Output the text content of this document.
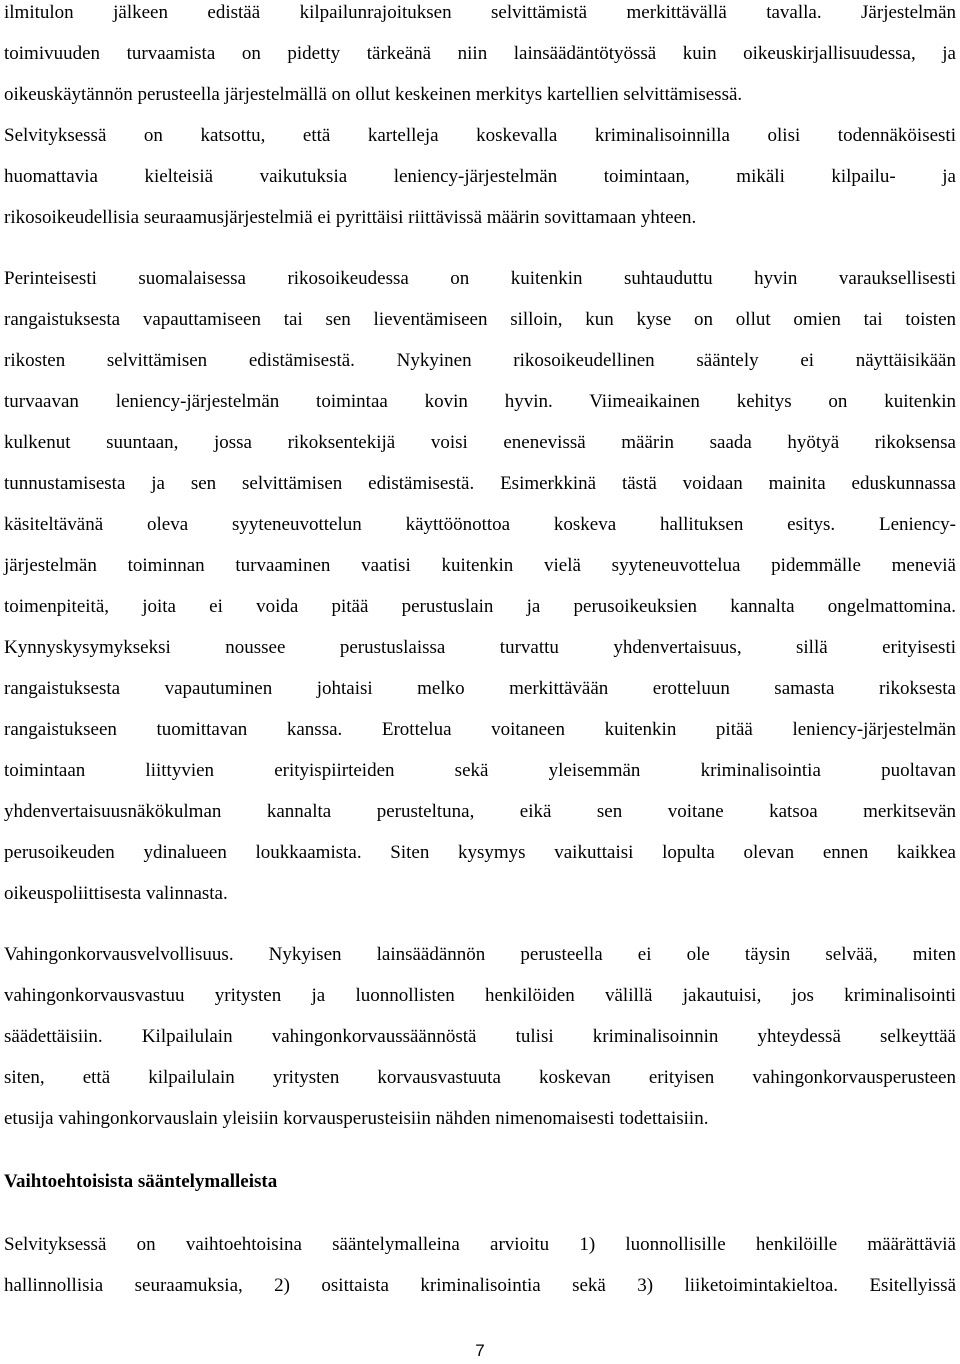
ilmitulon jälkeen edistää kilpailunrajoituksen selvittämistä merkittävällä tavalla. Järjestelmän
toimivuuden turvaamista on pidetty tärkeänä niin lainsäädäntötyössä kuin oikeuskirjallisuudessa, ja
oikeuskäytännön perusteella järjestelmällä on ollut keskeinen merkitys kartellien selvittämisessä.
Selvityksessä on katsottu, että kartelleja koskevalla kriminalisoinnilla olisi todennäköisesti
huomattavia kielteisiä vaikutuksia leniency-järjestelmän toimintaan, mikäli kilpailu- ja
rikosoikeudellisia seuraamusjärjestelmiä ei pyrittäisi riittävissä määrin sovittamaan yhteen.
Perinteisesti suomalaisessa rikosoikeudessa on kuitenkin suhtauduttu hyvin varauksellisesti
rangaistuksesta vapauttamiseen tai sen lieventämiseen silloin, kun kyse on ollut omien tai toisten
rikosten selvittämisen edistämisestä. Nykyinen rikosoikeudellinen sääntely ei näyttäisikään
turvaavan leniency-järjestelmän toimintaa kovin hyvin. Viimeaikainen kehitys on kuitenkin
kulkenut suuntaan, jossa rikoksentekijä voisi enenevissä määrin saada hyötyä rikoksensa
tunnustamisesta ja sen selvittämisen edistämisestä. Esimerkkinä tästä voidaan mainita eduskunnassa
käsiteltävänä oleva syyteneuvottelun käyttöönottoa koskeva hallituksen esitys. Leniency-
järjestelmän toiminnan turvaaminen vaatisi kuitenkin vielä syyteneuvottelua pidemmälle meneviä
toimenpiteitä, joita ei voida pitää perustuslain ja perusoikeuksien kannalta ongelmattomina.
Kynnyskysymykseksi noussee perustuslaissa turvattu yhdenvertaisuus, sillä erityisesti
rangaistuksesta vapautuminen johtaisi melko merkittävään erotteluun samasta rikoksesta
rangaistukseen tuomittavan kanssa. Erottelua voitaneen kuitenkin pitää leniency-järjestelmän
toimintaan liittyvien erityispiirteiden sekä yleisemmän kriminalisointia puoltavan
yhdenvertaisuusnäkökulman kannalta perusteltuna, eikä sen voitane katsoa merkitsevän
perusoikeuden ydinalueen loukkaamista. Siten kysymys vaikuttaisi lopulta olevan ennen kaikkea
oikeuspoliittisesta valinnasta.
Vahingonkorvausvelvollisuus. Nykyisen lainsäädännön perusteella ei ole täysin selvää, miten
vahingonkorvausvastuu yritysten ja luonnollisten henkilöiden välillä jakautuisi, jos kriminalisointi
säädettäisiin. Kilpailulain vahingonkorvaussäännöstä tulisi kriminalisoinnin yhteydessä selkeyttää
siten, että kilpailulain yritysten korvausvastuuta koskevan erityisen vahingonkorvausperusteen
etusija vahingonkorvauslain yleisiin korvausperusteisiin nähden nimenomaisesti todettaisiin.
Vaihtoehtoisista sääntelymalleista
Selvityksessä on vaihtoehtoisina sääntelymalleina arvioitu 1) luonnollisille henkilöille määrättäviä
hallinnollisia seuraamuksia, 2) osittaista kriminalisointia sekä 3) liiketoimintakieltoa. Esitellyissä
7
